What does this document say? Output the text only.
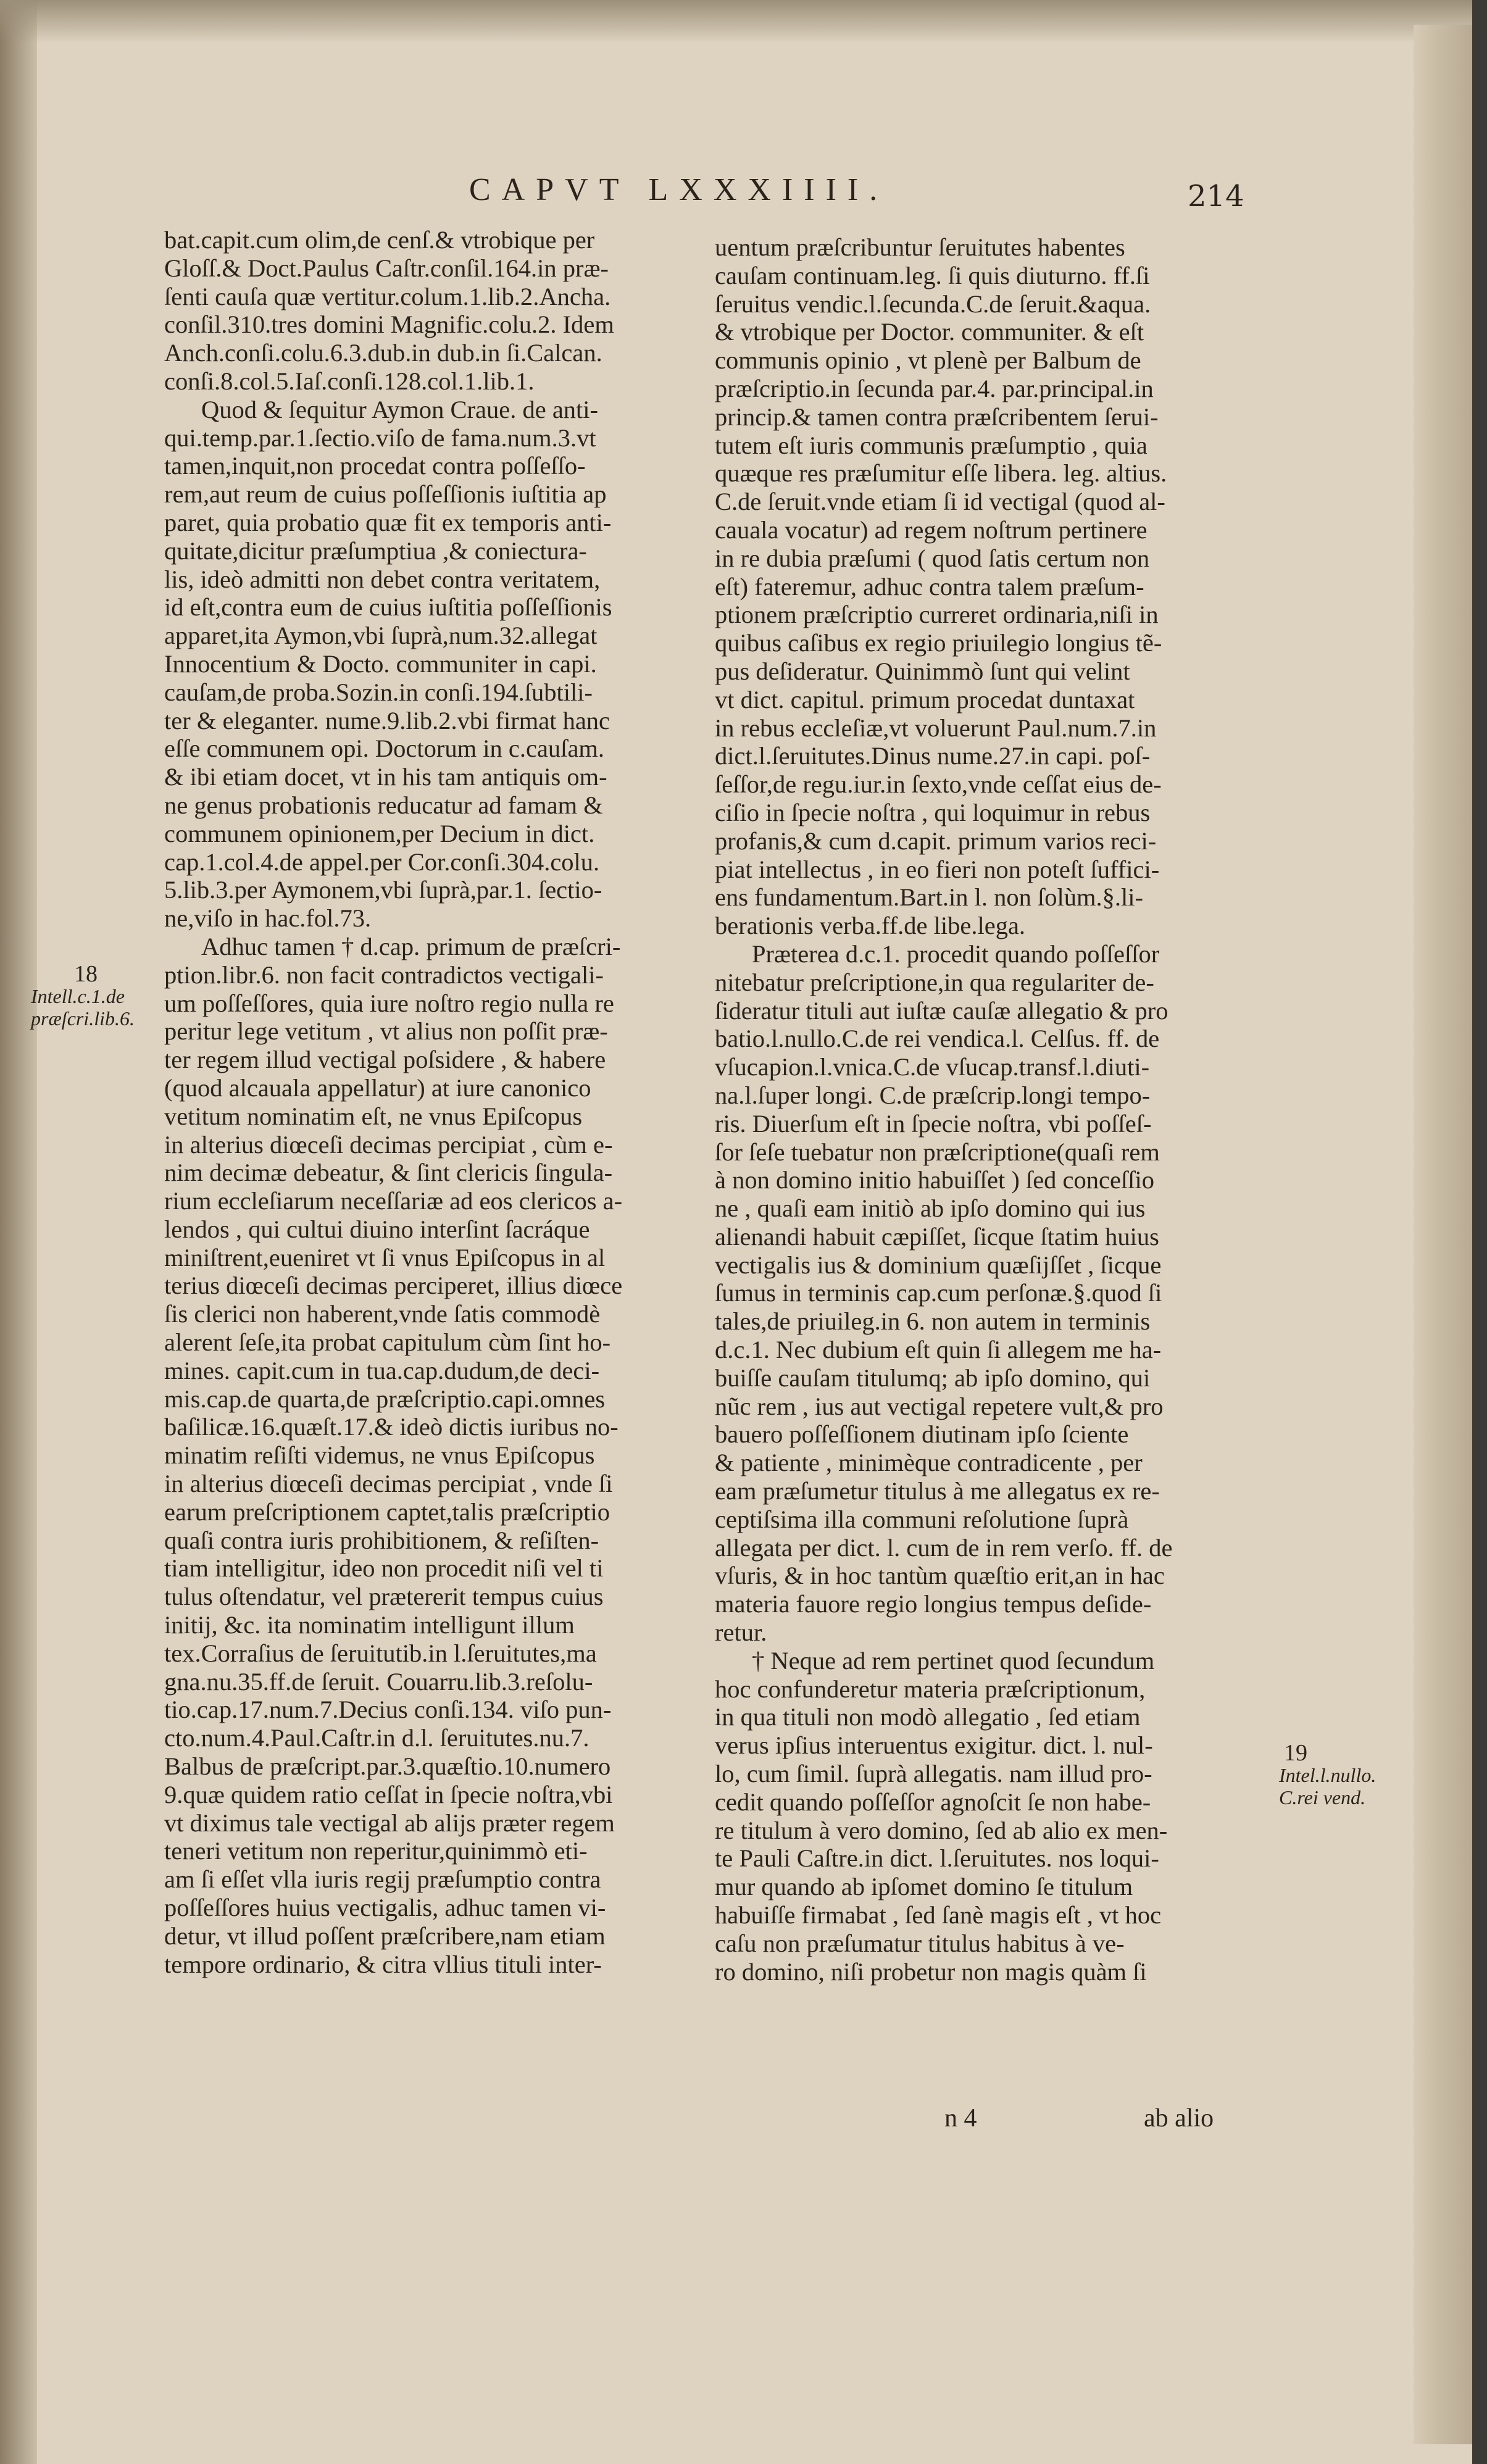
CAPVT LXXXIIII.	214

bat.capit.cum olim,de cenſ.& vtrobique per

Gloſſ.& Doct.Paulus Caſtr.conſil.164.in præ-

ſenti cauſa quæ vertitur.colum.1.lib.2.Ancha.

conſil.310.tres domini Magnific.colu.2. Idem

Anch.conſi.colu.6.3.dub.in dub.in ſi.Calcan.

conſi.8.col.5.Iaſ.conſi.128.col.1.lib.1.

Quod & ſequitur Aymon Craue. de anti-

qui.temp.par.1.ſectio.viſo de fama.num.3.vt

tamen,inquit,non procedat contra poſſeſſo-

rem,aut reum de cuius poſſeſſionis iuſtitia ap

paret, quia probatio quæ fit ex temporis anti-

quitate,dicitur præſumptiua ,& coniecturа-

lis, ideò admitti non debet contra veritatem,

id eſt,contra eum de cuius iuſtitia poſſeſſionis

apparet,ita Aymon,vbi ſuprà,num.32.allegat

Innocentium & Docto. communiter in capi.

cauſam,de proba.Sozin.in conſi.194.ſubtili-

ter & eleganter. nume.9.lib.2.vbi firmat hanc

eſſe communem opi. Doctorum in c.cauſam.

& ibi etiam docet, vt in his tam antiquis om-

ne genus probationis reducatur ad famam &

communem opinionem,per Decium in dict.

cap.1.col.4.de appel.per Cor.conſi.304.colu.

5.lib.3.per Aymonem,vbi ſuprà,par.1. ſectio-

ne,viſo in hac.fol.73.

Adhuc tamen † d.cap. primum de præſcri-

ption.libr.6. non facit contradictos vectigali-

um poſſeſſores, quia iure noſtro regio nulla re

peritur lege vetitum , vt alius non poſſit præ-

ter regem illud vectigal poſsidere , & habere

(quod alcauala appellatur) at iure canonico

vetitum nominatim eſt, ne vnus Epiſcopus

in alterius diœceſi decimas percipiat , cùm e-

nim decimæ debeatur, & ſint clericis ſingula-

rium eccleſiarum neceſſariæ ad eos clericos a-

lendos , qui cultui diuino interſint ſacráque

miniſtrent,eueniret vt ſi vnus Epiſcopus in al

terius diœceſi decimas perciperet, illius diœce

ſis clerici non haberent,vnde ſatis commodè

alerent ſeſe,ita probat capitulum cùm ſint ho-

mines. capit.cum in tua.cap.dudum,de deci-

mis.cap.de quarta,de præſcriptio.capi.omnes

baſilicæ.16.quæſt.17.& ideò dictis iuribus no-

minatim reſiſti videmus, ne vnus Epiſcopus

in alterius diœceſi decimas percipiat , vnde ſi

earum preſcriptionem captet,talis præſcriptio

quaſi contra iuris prohibitionem, & reſiſten-

tiam intelligitur, ideo non procedit niſi vel ti

tulus oſtendatur, vel prætererit tempus cuius

initij, &c. ita nominatim intelligunt illum

tex.Corraſius de ſeruitutib.in l.ſeruitutes,ma

gna.nu.35.ff.de ſeruit. Couarru.lib.3.reſolu-

tio.cap.17.num.7.Decius conſi.134. viſo pun-

cto.num.4.Paul.Caſtr.in d.l. ſeruitutes.nu.7.

Balbus de præſcript.par.3.quæſtio.10.numero

9.quæ quidem ratio ceſſat in ſpecie noſtra,vbi

vt diximus tale vectigal ab alijs præter regem

teneri vetitum non reperitur,quinimmò eti-

am ſi eſſet vlla iuris regij præſumptio contra

poſſeſſores huius vectigalis, adhuc tamen vi-

detur, vt illud poſſent præſcribere,nam etiam

tempore ordinario, & citra vllius tituli inter-

uentum præſcribuntur ſeruitutes habentes

cauſam continuam.leg. ſi quis diuturno. ff.ſi

ſeruitus vendic.l.ſecunda.C.de ſeruit.&aqua.

& vtrobique per Doctor. communiter. & eſt

communis opinio , vt plenè per Balbum de

præſcriptio.in ſecunda par.4. par.principal.in

princip.& tamen contra præſcribentem ſerui-

tutem eſt iuris communis præſumptio , quia

quæque res præſumitur eſſe libera. leg. altius.

C.de ſeruit.vnde etiam ſi id vectigal (quod al-

cauala vocatur) ad regem noſtrum pertinere

in re dubia præſumi ( quod ſatis certum non

eſt) fateremur, adhuc contra talem præſum-

ptionem præſcriptio curreret ordinaria,niſi in

quibus caſibus ex regio priuilegio longius tẽ-

pus deſideratur. Quinimmò ſunt qui velint

vt dict. capitul. primum procedat duntaxat

in rebus eccleſiæ,vt voluerunt Paul.num.7.in

dict.l.ſeruitutes.Dinus nume.27.in capi. poſ-

ſeſſor,de regu.iur.in ſexto,vnde ceſſat eius de-

ciſio in ſpecie noſtra , qui loquimur in rebus

profanis,& cum d.capit. primum varios reci-

piat intellectus , in eo fieri non poteſt ſuffici-

ens fundamentum.Bart.in l. non ſolùm.§.li-

berationis verba.ff.de libe.lega.

Præterea d.c.1. procedit quando poſſeſſor

nitebatur preſcriptione,in qua regulariter de-

ſideratur tituli aut iuſtæ cauſæ allegatio & pro

batio.l.nullo.C.de rei vendica.l. Celſus. ff. de

vſucapion.l.vnica.C.de vſucap.transf.l.diutі-

na.l.ſuper longi. C.de præſcrip.longi tempo-

ris. Diuerſum eſt in ſpecie noſtra, vbi poſſeſ-

ſor ſeſe tuebatur non præſcriptione(quaſi rem

à non domino initio habuiſſet ) ſed conceſſio

ne , quaſi eam initiò ab ipſo domino qui ius

alienandi habuit cæpiſſet, ſicque ſtatim huius

vectigalis ius & dominium quæſijſſet , ſicque

ſumus in terminis cap.cum perſonæ.§.quod ſi

tales,de priuileg.in 6. non autem in terminis

d.c.1. Nec dubium eſt quin ſi allegem me ha-

buiſſe cauſam titulumq; ab ipſo domino, qui

nũc rem , ius aut vectigal repetere vult,& pro

bauero poſſeſſionem diutinam ipſo ſciente

& patiente , minimèque contradicente , per

eam præſumetur titulus à me allegatus ex re-

ceptiſsima illa communi reſolutione ſuprà

allegata per dict. l. cum de in rem verſo. ff. de

vſuris, & in hoc tantùm quæſtio erit,an in hac

materia fauore regio longius tempus deſide-

retur.

† Neque ad rem pertinet quod ſecundum

hoc confunderetur materia præſcriptionum,

in qua tituli non modò allegatio , ſed etiam

verus ipſius interuentus exigitur. dict. l. nul-

lo, cum ſimil. ſuprà allegatis. nam illud pro-

cedit quando poſſeſſor agnoſcit ſe non habe-

re titulum à vero domino, ſed ab alio ex men-

te Pauli Caſtre.in dict. l.ſeruitutes. nos loqui-

mur quando ab ipſomet domino ſe titulum

habuiſſe firmabat , ſed ſanè magis eſt , vt hoc

caſu non præſumatur titulus habitus à ve-

ro domino, niſi probetur non magis quàm ſi

18
Intell.c.1.de
præſcri.lib.6.
19
Intel.l.nullo.
C.rei vend.
n 4	ab alio
